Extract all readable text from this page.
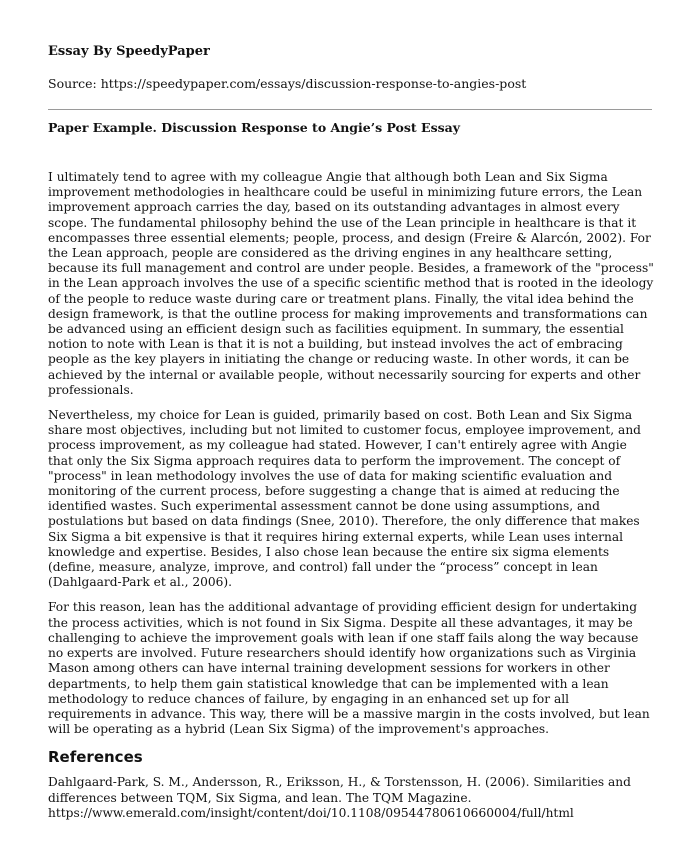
Essay By SpeedyPaper

Source: https://speedypaper.com/essays/discussion-response-to-angies-post

Paper Example. Discussion Response to Angie’s Post Essay

I ultimately tend to agree with my colleague Angie that although both Lean and Six Sigma improvement methodologies in healthcare could be useful in minimizing future errors, the Lean improvement approach carries the day, based on its outstanding advantages in almost every scope. The fundamental philosophy behind the use of the Lean principle in healthcare is that it encompasses three essential elements; people, process, and design (Freire & Alarcón, 2002). For the Lean approach, people are considered as the driving engines in any healthcare setting, because its full management and control are under people. Besides, a framework of the "process" in the Lean approach involves the use of a specific scientific method that is rooted in the ideology of the people to reduce waste during care or treatment plans. Finally, the vital idea behind the design framework, is that the outline process for making improvements and transformations can be advanced using an efficient design such as facilities equipment. In summary, the essential notion to note with Lean is that it is not a building, but instead involves the act of embracing people as the key players in initiating the change or reducing waste. In other words, it can be achieved by the internal or available people, without necessarily sourcing for experts and other professionals.

Nevertheless, my choice for Lean is guided, primarily based on cost. Both Lean and Six Sigma share most objectives, including but not limited to customer focus, employee improvement, and process improvement, as my colleague had stated. However, I can't entirely agree with Angie that only the Six Sigma approach requires data to perform the improvement. The concept of "process" in lean methodology involves the use of data for making scientific evaluation and monitoring of the current process, before suggesting a change that is aimed at reducing the identified wastes. Such experimental assessment cannot be done using assumptions, and postulations but based on data findings (Snee, 2010). Therefore, the only difference that makes Six Sigma a bit expensive is that it requires hiring external experts, while Lean uses internal knowledge and expertise. Besides, I also chose lean because the entire six sigma elements (define, measure, analyze, improve, and control) fall under the “process” concept in lean (Dahlgaard-Park et al., 2006).

For this reason, lean has the additional advantage of providing efficient design for undertaking the process activities, which is not found in Six Sigma. Despite all these advantages, it may be challenging to achieve the improvement goals with lean if one staff fails along the way because no experts are involved. Future researchers should identify how organizations such as Virginia Mason among others can have internal training development sessions for workers in other departments, to help them gain statistical knowledge that can be implemented with a lean methodology to reduce chances of failure, by engaging in an enhanced set up for all requirements in advance. This way, there will be a massive margin in the costs involved, but lean will be operating as a hybrid (Lean Six Sigma) of the improvement's approaches.

References

Dahlgaard-Park, S. M., Andersson, R., Eriksson, H., & Torstensson, H. (2006). Similarities and differences between TQM, Six Sigma, and lean. The TQM Magazine. https://www.emerald.com/insight/content/doi/10.1108/09544780610660004/full/html
